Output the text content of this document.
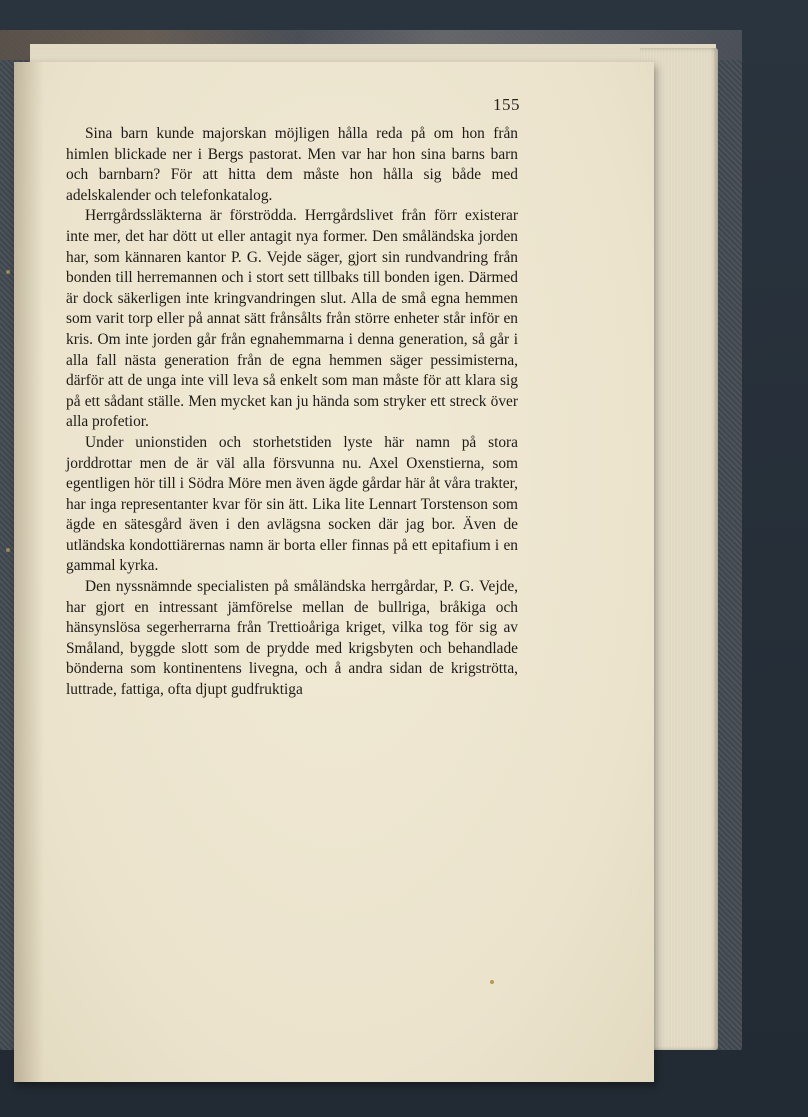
155

Sina barn kunde majorskan möjligen hålla reda på om hon från himlen blickade ner i Bergs pastorat. Men var har hon sina barns barn och barnbarn? För att hitta dem måste hon hålla sig både med adelskalender och telefonkatalog.

Herrgårdssläkterna är förströdda. Herrgårdslivet från förr existerar inte mer, det har dött ut eller antagit nya former. Den småländska jorden har, som kännaren kantor P. G. Vejde säger, gjort sin rundvandring från bonden till herremannen och i stort sett tillbaks till bonden igen. Därmed är dock säkerligen inte kringvandringen slut. Alla de små egna hemmen som varit torp eller på annat sätt frånsålts från större enheter står inför en kris. Om inte jorden går från egnahemmarna i denna generation, så går i alla fall nästa generation från de egna hemmen säger pessimisterna, därför att de unga inte vill leva så enkelt som man måste för att klara sig på ett sådant ställe. Men mycket kan ju hända som stryker ett streck över alla profetior.

Under unionstiden och storhetstiden lyste här namn på stora jorddrottar men de är väl alla försvunna nu. Axel Oxenstierna, som egentligen hör till i Södra Möre men även ägde gårdar här åt våra trakter, har inga representanter kvar för sin ätt. Lika lite Lennart Torstenson som ägde en sätesgård även i den avlägsna socken där jag bor. Även de utländska kondottiärernas namn är borta eller finnas på ett epitafium i en gammal kyrka.

Den nyssnämnde specialisten på småländska herrgårdar, P. G. Vejde, har gjort en intressant jämförelse mellan de bullriga, bråkiga och hänsynslösa segerherrarna från Trettioåriga kriget, vilka tog för sig av Småland, byggde slott som de prydde med krigsbyten och behandlade bönderna som kontinentens livegna, och å andra sidan de krigströtta, luttrade, fattiga, ofta djupt gudfruktiga
